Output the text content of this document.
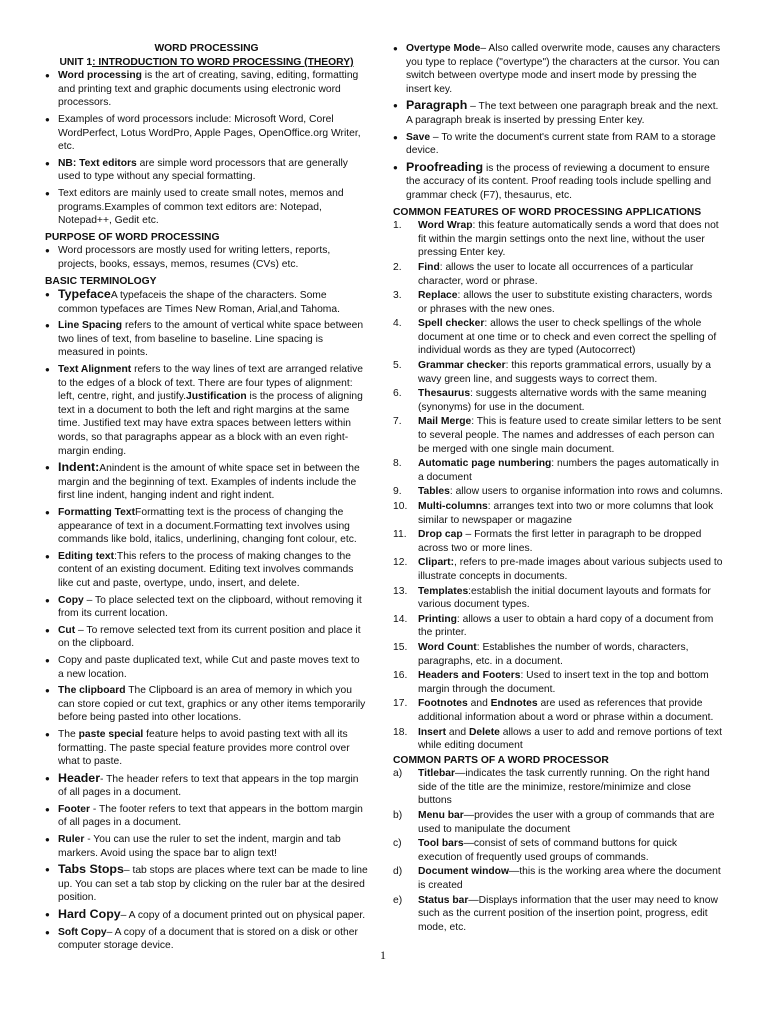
WORD PROCESSING
UNIT 1: INTRODUCTION TO WORD PROCESSING (THEORY)
● Word processing is the art of creating, saving, editing, formatting and printing text and graphic documents using electronic word processors.
● Examples of word processors include: Microsoft Word, Corel WordPerfect, Lotus WordPro, Apple Pages, OpenOffice.org Writer, etc.
● NB: Text editors are simple word processors that are generally used to type without any special formatting.
● Text editors are mainly used to create small notes, memos and programs.Examples of common text editors are: Notepad, Notepad++, Gedit etc.
PURPOSE OF WORD PROCESSING
● Word processors are mostly used for writing letters, reports, projects, books, essays, memos, resumes (CVs) etc.
BASIC TERMINOLOGY
● TypefaceA typefaceis the shape of the characters. Some common typefaces are Times New Roman, Arial,and Tahoma.
● Line Spacing refers to the amount of vertical white space between two lines of text, from baseline to baseline. Line spacing is measured in points.
● Text Alignment refers to the way lines of text are arranged relative to the edges of a block of text. There are four types of alignment: left, centre, right, and justify.Justification is the process of aligning text in a document to both the left and right margins at the same time. Justified text may have extra spaces between letters within words, so that paragraphs appear as a block with an even right-margin ending.
● Indent:Anindent is the amount of white space set in between the margin and the beginning of text. Examples of indents include the first line indent, hanging indent and right indent.
● Formatting TextFormatting text is the process of changing the appearance of text in a document.Formatting text involves using commands like bold, italics, underlining, changing font colour, etc.
● Editing text:This refers to the process of making changes to the content of an existing document. Editing text involves commands like cut and paste, overtype, undo, insert, and delete.
● Copy – To place selected text on the clipboard, without removing it from its current location.
● Cut – To remove selected text from its current position and place it on the clipboard.
● Copy and paste duplicated text, while Cut and paste moves text to a new location.
● The clipboard The Clipboard is an area of memory in which you can store copied or cut text, graphics or any other items temporarily before being pasted into other locations.
● The paste special feature helps to avoid pasting text with all its formatting. The paste special feature provides more control over what to paste.
● Header- The header refers to text that appears in the top margin of all pages in a document.
● Footer - The footer refers to text that appears in the bottom margin of all pages in a document.
● Ruler - You can use the ruler to set the indent, margin and tab markers. Avoid using the space bar to align text!
● Tabs Stops– tab stops are places where text can be made to line up. You can set a tab stop by clicking on the ruler bar at the desired position.
● Hard Copy– A copy of a document printed out on physical paper.
● Soft Copy– A copy of a document that is stored on a disk or other computer storage device.
● Overtype Mode– Also called overwrite mode, causes any characters you type to replace ("overtype") the characters at the cursor. You can switch between overtype mode and insert mode by pressing the insert key.
● Paragraph – The text between one paragraph break and the next. A paragraph break is inserted by pressing Enter key.
● Save – To write the document's current state from RAM to a storage device.
● Proofreading is the process of reviewing a document to ensure the accuracy of its content. Proof reading tools include spelling and grammar check (F7), thesaurus, etc.
COMMON FEATURES OF WORD PROCESSING APPLICATIONS
1. Word Wrap: this feature automatically sends a word that does not fit within the margin settings onto the next line, without the user pressing Enter key.
2. Find: allows the user to locate all occurrences of a particular character, word or phrase.
3. Replace: allows the user to substitute existing characters, words or phrases with the new ones.
4. Spell checker: allows the user to check spellings of the whole document at one time or to check and even correct the spelling of individual words as they are typed (Autocorrect)
5. Grammar checker: this reports grammatical errors, usually by a wavy green line, and suggests ways to correct them.
6. Thesaurus: suggests alternative words with the same meaning (synonyms) for use in the document.
7. Mail Merge: This is feature used to create similar letters to be sent to several people. The names and addresses of each person can be merged with one single main document.
8. Automatic page numbering: numbers the pages automatically in a document
9. Tables: allow users to organise information into rows and columns.
10. Multi-columns: arranges text into two or more columns that look similar to newspaper or magazine
11. Drop cap – Formats the first letter in paragraph to be dropped across two or more lines.
12. Clipart:, refers to pre-made images about various subjects used to illustrate concepts in documents.
13. Templates:establish the initial document layouts and formats for various document types.
14. Printing: allows a user to obtain a hard copy of a document from the printer.
15. Word Count: Establishes the number of words, characters, paragraphs, etc. in a document.
16. Headers and Footers: Used to insert text in the top and bottom margin through the document.
17. Footnotes and Endnotes are used as references that provide additional information about a word or phrase within a document.
18. Insert and Delete allows a user to add and remove portions of text while editing document
COMMON PARTS OF A WORD PROCESSOR
a) Titlebar—indicates the task currently running. On the right hand side of the title are the minimize, restore/minimize and close buttons
b) Menu bar—provides the user with a group of commands that are used to manipulate the document
c) Tool bars—consist of sets of command buttons for quick execution of frequently used groups of commands.
d) Document window—this is the working area where the document is created
e) Status bar—Displays information that the user may need to know such as the current position of the insertion point, progress, edit mode, etc.
1
